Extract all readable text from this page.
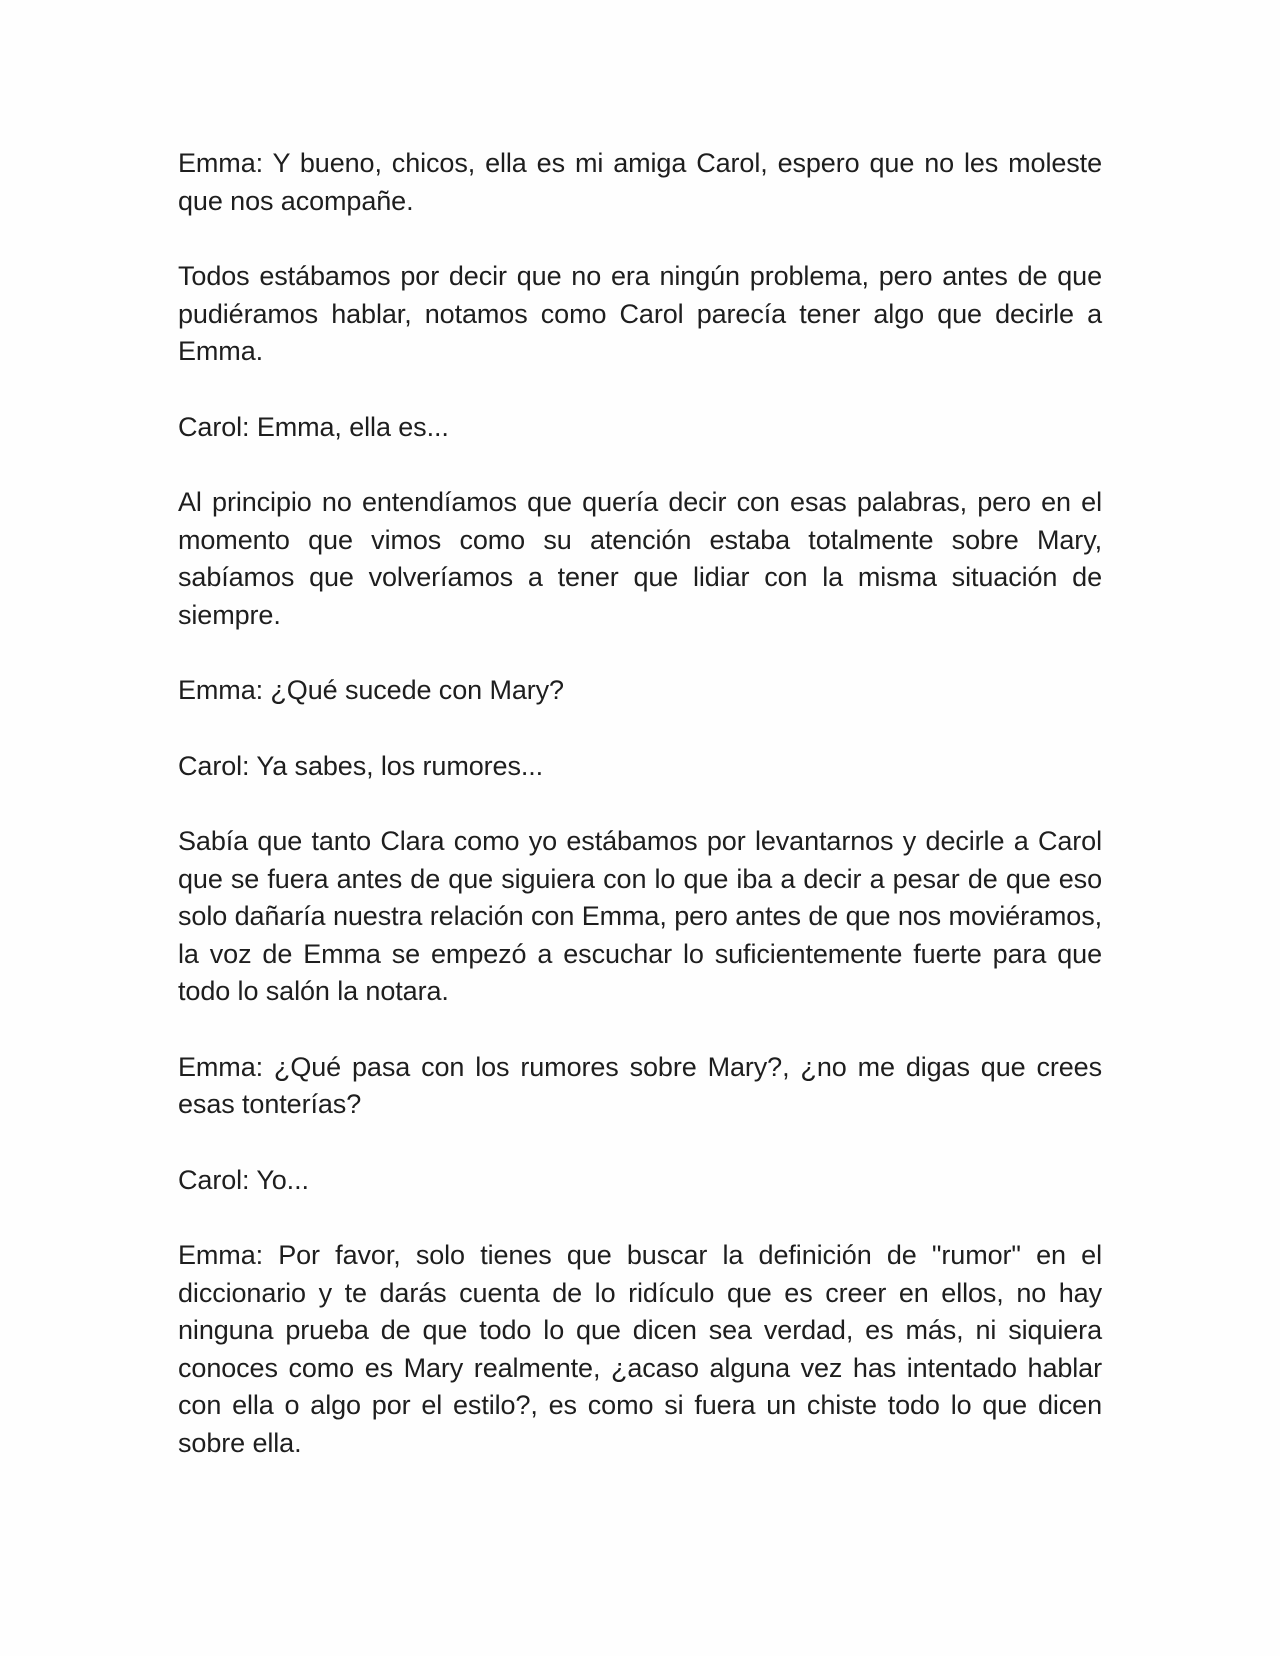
Emma: Y bueno, chicos, ella es mi amiga Carol, espero que no les moleste que nos acompañe.

Todos estábamos por decir que no era ningún problema, pero antes de que pudiéramos hablar, notamos como Carol parecía tener algo que decirle a Emma.

Carol: Emma, ella es...

Al principio no entendíamos que quería decir con esas palabras, pero en el momento que vimos como su atención estaba totalmente sobre Mary, sabíamos que volveríamos a tener que lidiar con la misma situación de siempre.

Emma: ¿Qué sucede con Mary?

Carol: Ya sabes, los rumores...

Sabía que tanto Clara como yo estábamos por levantarnos y decirle a Carol que se fuera antes de que siguiera con lo que iba a decir a pesar de que eso solo dañaría nuestra relación con Emma, pero antes de que nos moviéramos, la voz de Emma se empezó a escuchar lo suficientemente fuerte para que todo lo salón la notara.

Emma: ¿Qué pasa con los rumores sobre Mary?, ¿no me digas que crees esas tonterías?

Carol: Yo...

Emma: Por favor, solo tienes que buscar la definición de "rumor" en el diccionario y te darás cuenta de lo ridículo que es creer en ellos, no hay ninguna prueba de que todo lo que dicen sea verdad, es más, ni siquiera conoces como es Mary realmente, ¿acaso alguna vez has intentado hablar con ella o algo por el estilo?, es como si fuera un chiste todo lo que dicen sobre ella.
